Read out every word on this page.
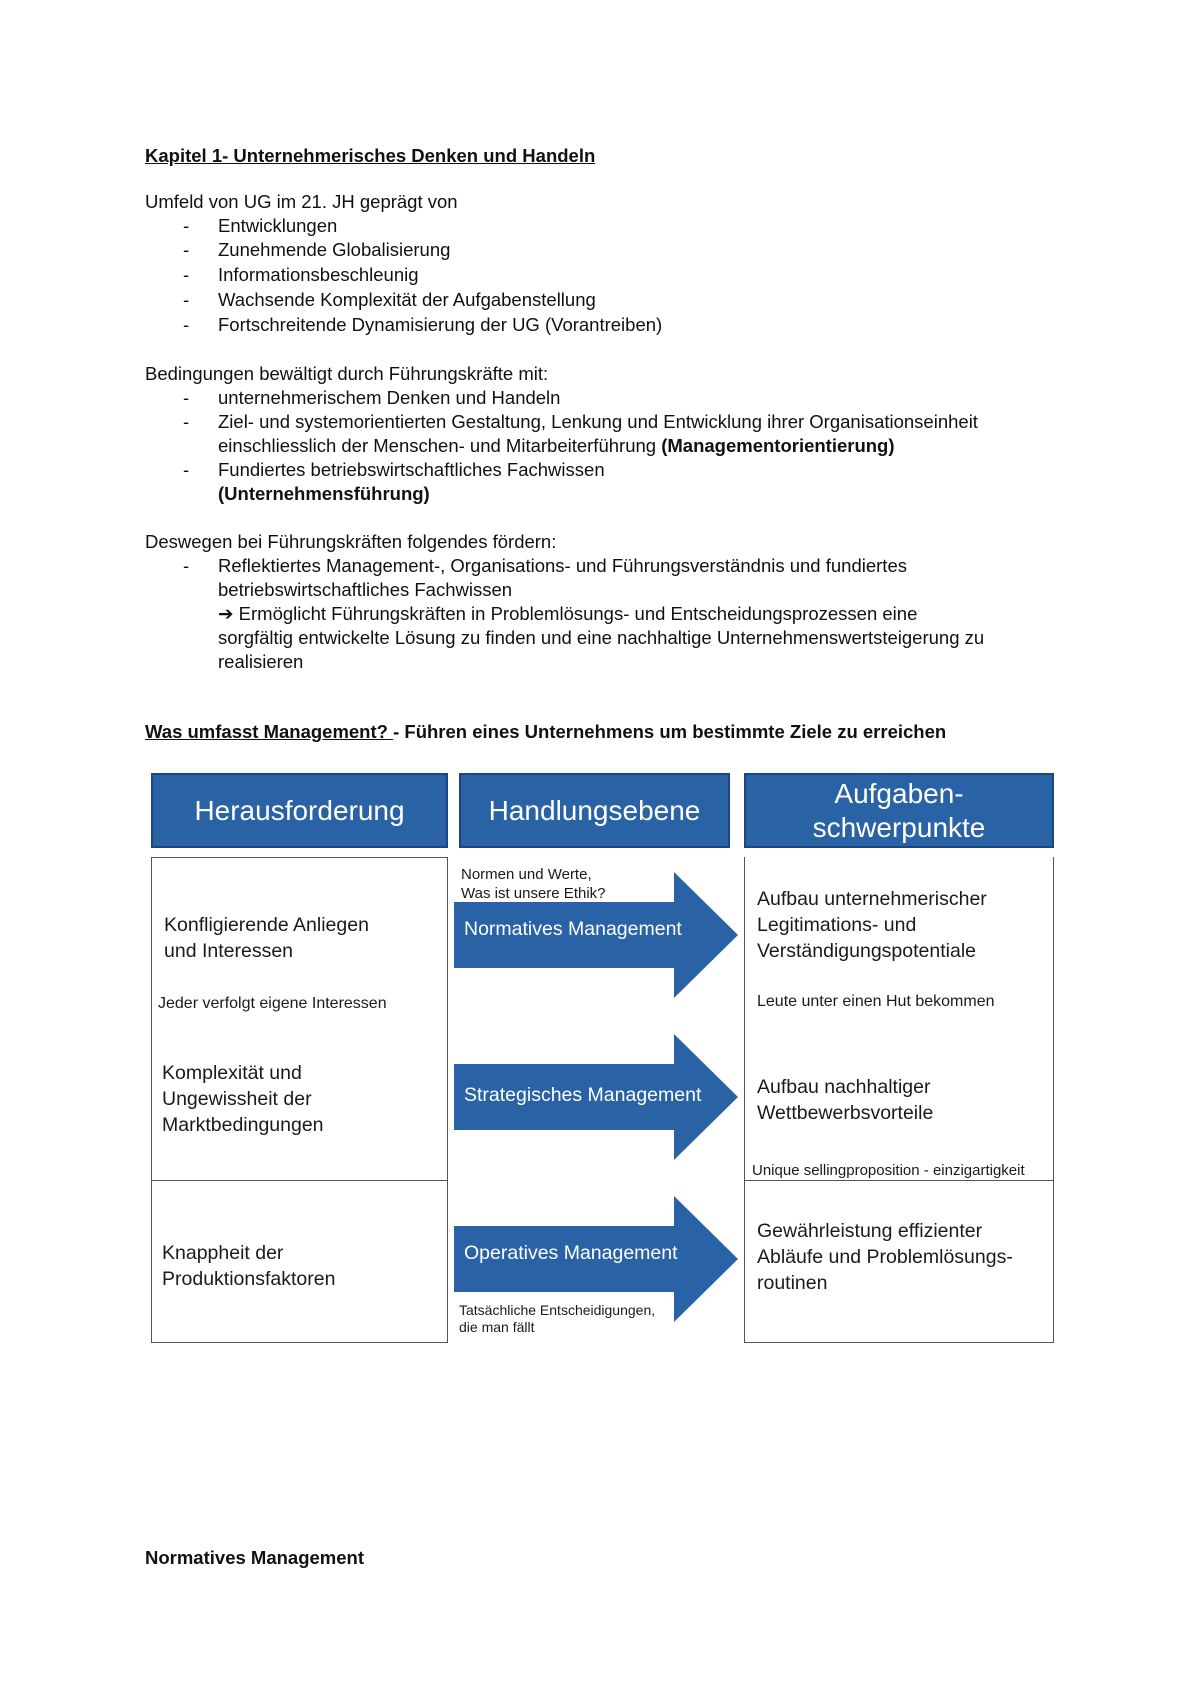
Kapitel 1- Unternehmerisches Denken und Handeln
Umfeld von UG im 21. JH geprägt von
- Entwicklungen
- Zunehmende Globalisierung
- Informationsbeschleunig
- Wachsende Komplexität der Aufgabenstellung
- Fortschreitende Dynamisierung der UG (Vorantreiben)
Bedingungen bewältigt durch Führungskräfte mit:
- unternehmerischem Denken und Handeln
- Ziel- und systemorientierten Gestaltung, Lenkung und Entwicklung ihrer Organisationseinheit
einschliesslich der Menschen- und Mitarbeiterführung (Managementorientierung)
- Fundiertes betriebswirtschaftliches Fachwissen
(Unternehmensführung)
Deswegen bei Führungskräften folgendes fördern:
- Reflektiertes Management-, Organisations- und Führungsverständnis und fundiertes
betriebswirtschaftliches Fachwissen
➔ Ermöglicht Führungskräften in Problemlösungs- und Entscheidungsprozessen eine
sorgfältig entwickelte Lösung zu finden und eine nachhaltige Unternehmenswertsteigerung zu
realisieren
Was umfasst Management? - Führen eines Unternehmens um bestimmte Ziele zu erreichen
Herausforderung	Handlungsebene
Aufgaben-
schwerpunkte
Konfligierende Anliegen
und Interessen
Jeder verfolgt eigene Interessen
Normen und Werte,
Was ist unsere Ethik?
Normatives Management
Aufbau unternehmerischer
Legitimations- und
Verständigungspotentiale
Leute unter einen Hut bekommen
Komplexität und
Ungewissheit der
Marktbedingungen
Strategisches Management	Aufbau nachhaltiger
Wettbewerbsvorteile
Unique sellingproposition - einzigartigkeit
Knappheit der
Produktionsfaktoren
Operatives Management
Tatsächliche Entscheidigungen,
die man fällt
Gewährleistung effizienter
Abläufe und Problemlösungs-
routinen
Normatives Management
